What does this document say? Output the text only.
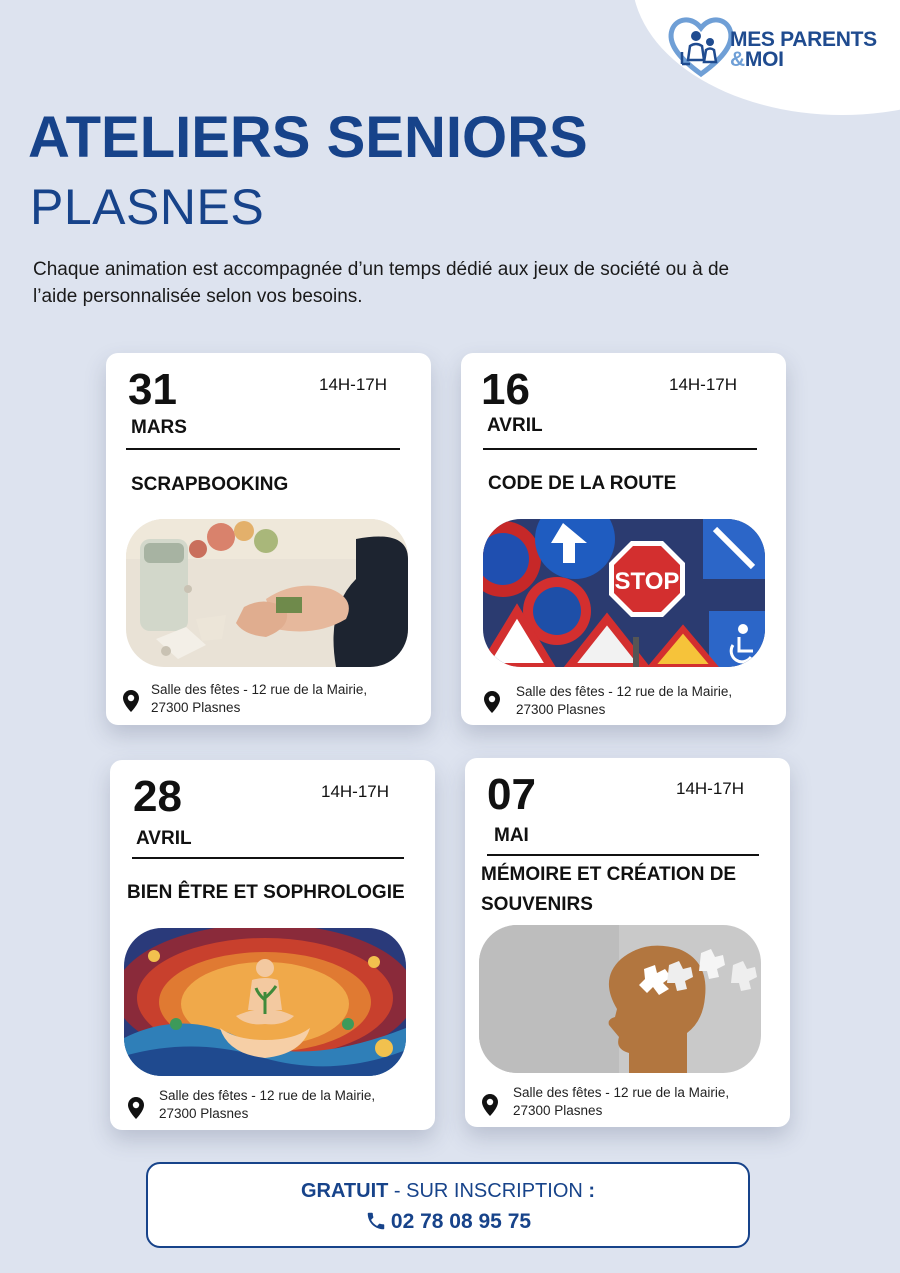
MES PARENTS
&MOI
ATELIERS SENIORS
PLASNES
Chaque animation est accompagnée d’un temps dédié aux jeux de société ou à de l’aide personnalisée selon vos besoins.
31
MARS
14H-17H
SCRAPBOOKING
Salle des fêtes - 12 rue de la Mairie,
27300 Plasnes
16
AVRIL
14H-17H
CODE DE LA ROUTE
STOP
Salle des fêtes - 12 rue de la Mairie,
27300 Plasnes
28
AVRIL
14H-17H
BIEN ÊTRE ET SOPHROLOGIE
Salle des fêtes - 12 rue de la Mairie,
27300 Plasnes
07
MAI
14H-17H
MÉMOIRE ET CRÉATION DE
SOUVENIRS
Salle des fêtes - 12 rue de la Mairie,
27300 Plasnes
GRATUIT - SUR INSCRIPTION :
02 78 08 95 75
